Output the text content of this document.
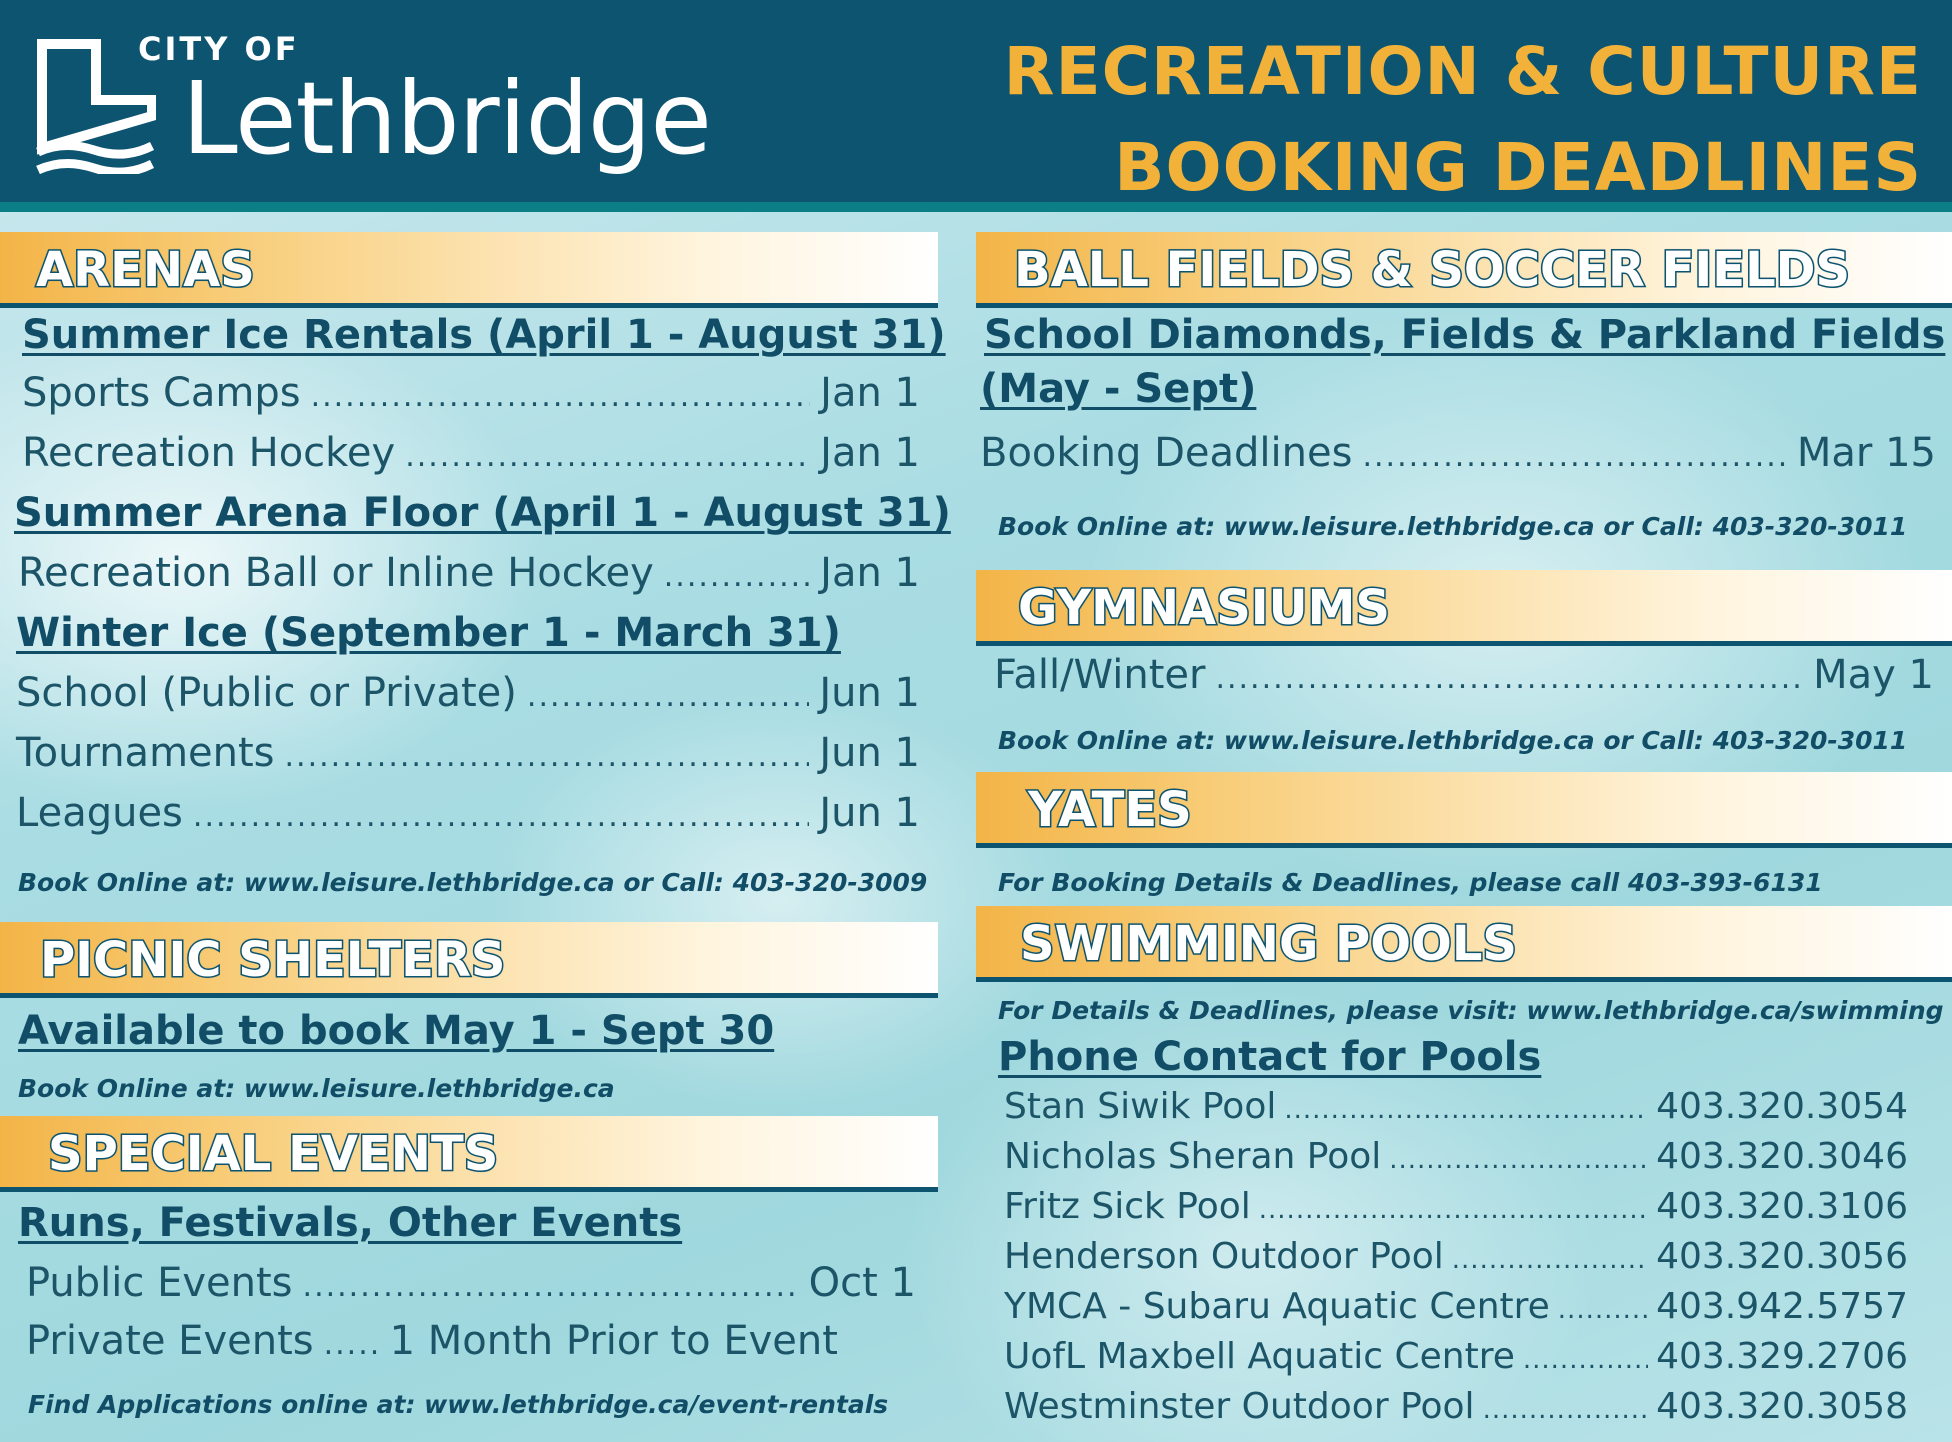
CITY OF
Lethbridge	RECREATION & CULTURE
BOOKING DEADLINES
ARENAS
Summer Ice Rentals (April 1 - August 31)
Sports Camps .....	Jan 1
Recreation Hockey .....	Jan 1
Summer Arena Floor (April 1 - August 31)
Recreation Ball or Inline Hockey .....	Jan 1
Winter Ice (September 1 - March 31)
School (Public or Private) .....	Jun 1
Tournaments .....	Jun 1
Leagues .....	Jun 1
Book Online at: www.leisure.lethbridge.ca or Call: 403-320-3009
PICNIC SHELTERS
Available to book May 1 - Sept 30
Book Online at: www.leisure.lethbridge.ca
SPECIAL EVENTS
Runs, Festivals, Other Events
Public Events .....	Oct 1
Private Events ..... 1 Month Prior to Event
Find Applications online at: www.lethbridge.ca/event-rentals
BALL FIELDS & SOCCER FIELDS
School Diamonds, Fields & Parkland Fields
(May - Sept)
Booking Deadlines .....	Mar 15
Book Online at: www.leisure.lethbridge.ca or Call: 403-320-3011
GYMNASIUMS
Fall/Winter .....	May 1
Book Online at: www.leisure.lethbridge.ca or Call: 403-320-3011
YATES
For Booking Details & Deadlines, please call 403-393-6131
SWIMMING POOLS
For Details & Deadlines, please visit: www.lethbridge.ca/swimming
Phone Contact for Pools
Stan Siwik Pool .....	403.320.3054
Nicholas Sheran Pool .....	403.320.3046
Fritz Sick Pool .....	403.320.3106
Henderson Outdoor Pool .....	403.320.3056
YMCA - Subaru Aquatic Centre .....	403.942.5757
UofL Maxbell Aquatic Centre .....	403.329.2706
Westminster Outdoor Pool .....	403.320.3058
